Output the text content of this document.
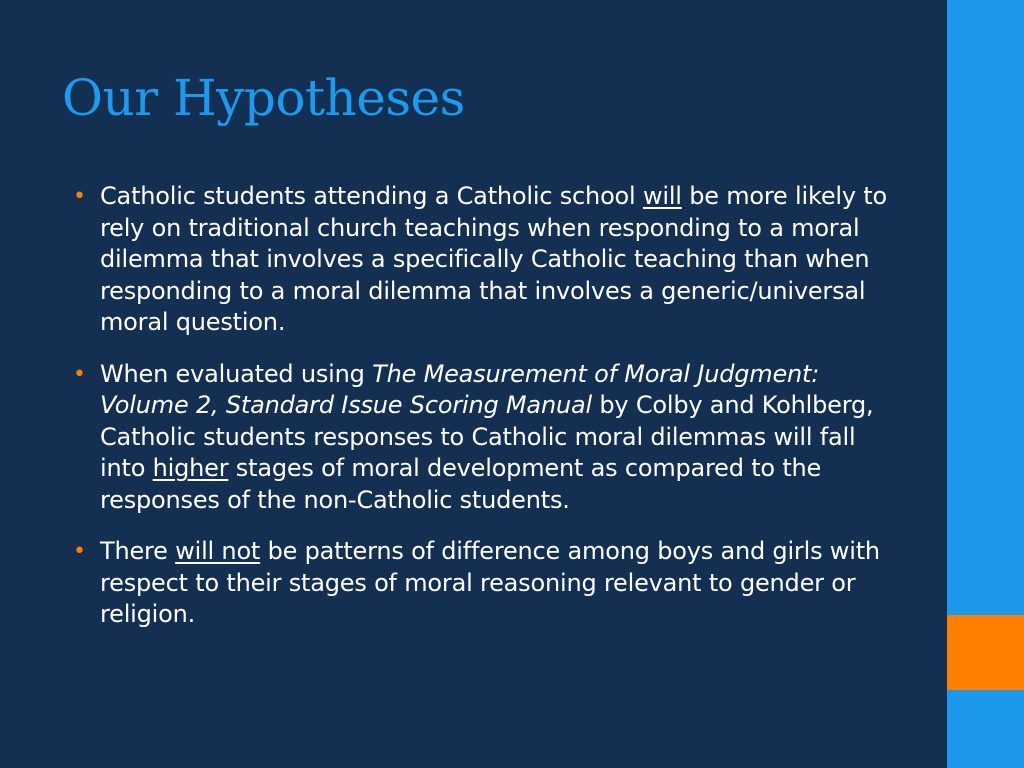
Our Hypotheses
• Catholic students attending a Catholic school will be more likely to rely on traditional church teachings when responding to a moral dilemma that involves a specifically Catholic teaching than when responding to a moral dilemma that involves a generic/universal moral question.
• When evaluated using The Measurement of Moral Judgment: Volume 2, Standard Issue Scoring Manual by Colby and Kohlberg, Catholic students responses to Catholic moral dilemmas will fall into higher stages of moral development as compared to the responses of the non-Catholic students.
• There will not be patterns of difference among boys and girls with respect to their stages of moral reasoning relevant to gender or religion.
